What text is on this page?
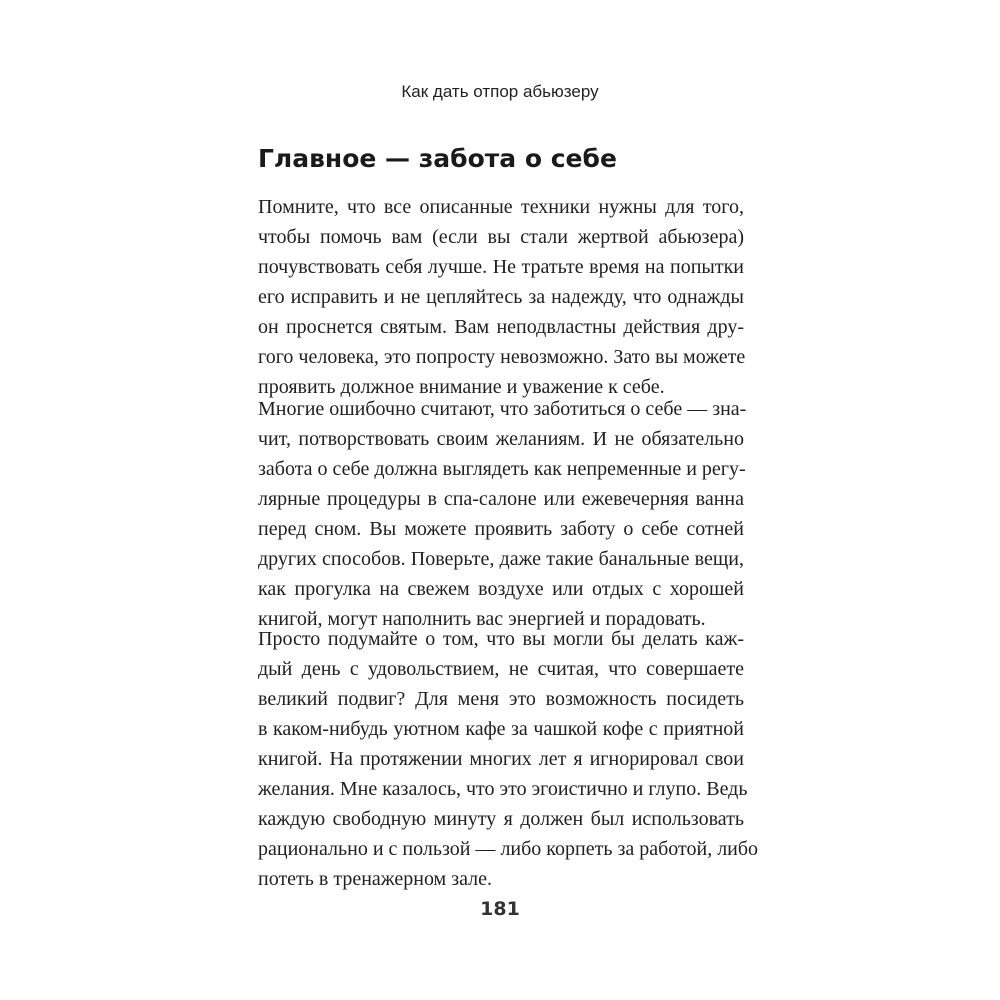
Как дать отпор абьюзеру
Главное — забота о себе
Помните, что все описанные техники нужны для того,
чтобы помочь вам (если вы стали жертвой абьюзера)
почувствовать себя лучше. Не тратьте время на попытки
его исправить и не цепляйтесь за надежду, что однажды
он проснется святым. Вам неподвластны действия дру-
гого человека, это попросту невозможно. Зато вы можете
проявить должное внимание и уважение к себе.
Многие ошибочно считают, что заботиться о себе — зна-
чит, потворствовать своим желаниям. И не обязательно
забота о себе должна выглядеть как непременные и регу-
лярные процедуры в спа-салоне или ежевечерняя ванна
перед сном. Вы можете проявить заботу о себе сотней
других способов. Поверьте, даже такие банальные вещи,
как прогулка на свежем воздухе или отдых с хорошей
книгой, могут наполнить вас энергией и порадовать.
Просто подумайте о том, что вы могли бы делать каж-
дый день с удовольствием, не считая, что совершаете
великий подвиг? Для меня это возможность посидеть
в каком-нибудь уютном кафе за чашкой кофе с приятной
книгой. На протяжении многих лет я игнорировал свои
желания. Мне казалось, что это эгоистично и глупо. Ведь
каждую свободную минуту я должен был использовать
рационально и с пользой — либо корпеть за работой, либо
потеть в тренажерном зале.
181
